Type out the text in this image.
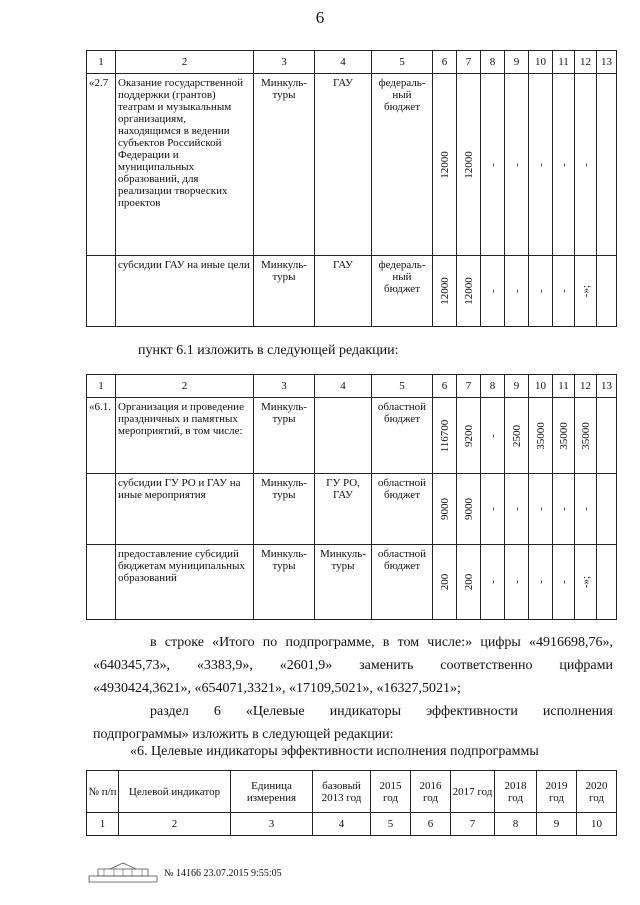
6
1	2	3	4	5	6	7	8	9	10	11	12	13
«2.7	Оказание государственной поддержки (грантов) театрам и музыкальным организациям, находящимся в ведении субъектов Российской Федерации и муниципальных образований, для реализации творческих проектов	Минкуль-туры	ГАУ	федераль-ный бюджет	12000	12000	-	-	-	-	-	

	субсидии ГАУ на иные цели	Минкуль-туры	ГАУ	федераль-ный бюджет	12000	12000	-	-	-	-	-»;	

пункт 6.1 изложить в следующей редакции:
1	2	3	4	5	6	7	8	9	10	11	12	13
«6.1.	Организация и проведение праздничных и памятных мероприятий, в том числе:	Минкуль-туры		областной бюджет	116700	9200	-	2500	35000	35000	35000	

	субсидии ГУ РО и ГАУ на иные мероприятия	Минкуль-туры	ГУ РО, ГАУ	областной бюджет	9000	9000	-	-	-	-	-	

	предоставление субсидий бюджетам муниципальных образований	Минкуль-туры	Минкуль-туры	областной бюджет	200	200	-	-	-	-	-»;	

в строке «Итого по подпрограмме, в том числе:» цифры «4916698,76»,
«640345,73», «3383,9», «2601,9» заменить соответственно цифрами
«4930424,3621», «654071,3321», «17109,5021», «16327,5021»;
раздел 6 «Целевые индикаторы эффективности исполнения
подпрограммы» изложить в следующей редакции:
«6. Целевые индикаторы эффективности исполнения подпрограммы
№ п/п	Целевой индикатор	Единица измерения	базовый 2013 год	2015 год	2016 год	2017 год	2018 год	2019 год	2020 год
1	2	3	4	5	6	7	8	9	10
№ 14166 23.07.2015 9:55:05
